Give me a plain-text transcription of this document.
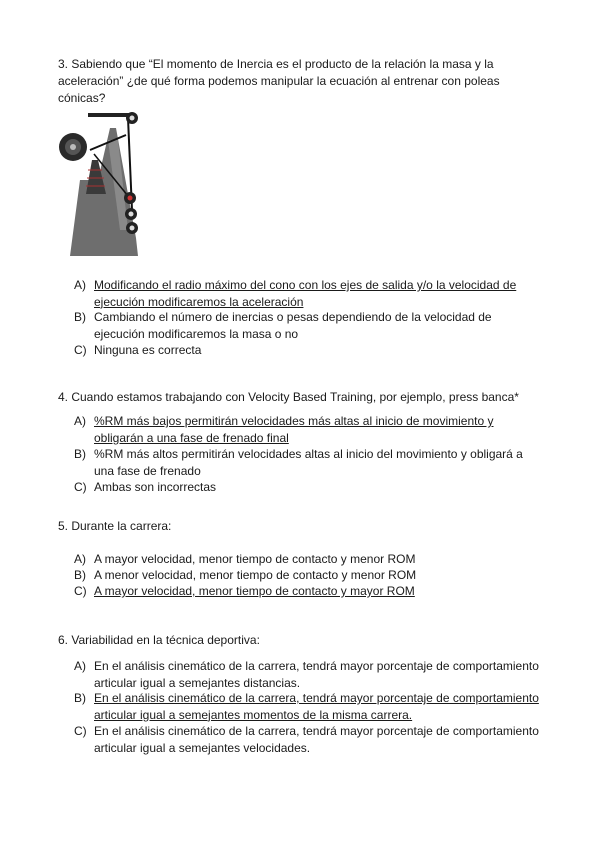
3. Sabiendo que “El momento de Inercia es el producto de la relación la masa y la aceleración” ¿de qué forma podemos manipular la ecuación al entrenar con poleas cónicas?
A) Modificando el radio máximo del cono con los ejes de salida y/o la velocidad de ejecución modificaremos la aceleración
B) Cambiando el número de inercias o pesas dependiendo de la velocidad de ejecución modificaremos la masa o no
C) Ninguna es correcta
4. Cuando estamos trabajando con Velocity Based Training, por ejemplo, press banca*
A) %RM más bajos permitirán velocidades más altas al inicio de movimiento y obligarán a una fase de frenado final
B) %RM más altos permitirán velocidades altas al inicio del movimiento y obligará a una fase de frenado
C) Ambas son incorrectas
5. Durante la carrera:
A) A mayor velocidad, menor tiempo de contacto y menor ROM
B) A menor velocidad, menor tiempo de contacto y menor ROM
C) A mayor velocidad, menor tiempo de contacto y mayor ROM
6. Variabilidad en la técnica deportiva:
A) En el análisis cinemático de la carrera, tendrá mayor porcentaje de comportamiento articular igual a semejantes distancias.
B) En el análisis cinemático de la carrera, tendrá mayor porcentaje de comportamiento articular igual a semejantes momentos de la misma carrera.
C) En el análisis cinemático de la carrera, tendrá mayor porcentaje de comportamiento articular igual a semejantes velocidades.
